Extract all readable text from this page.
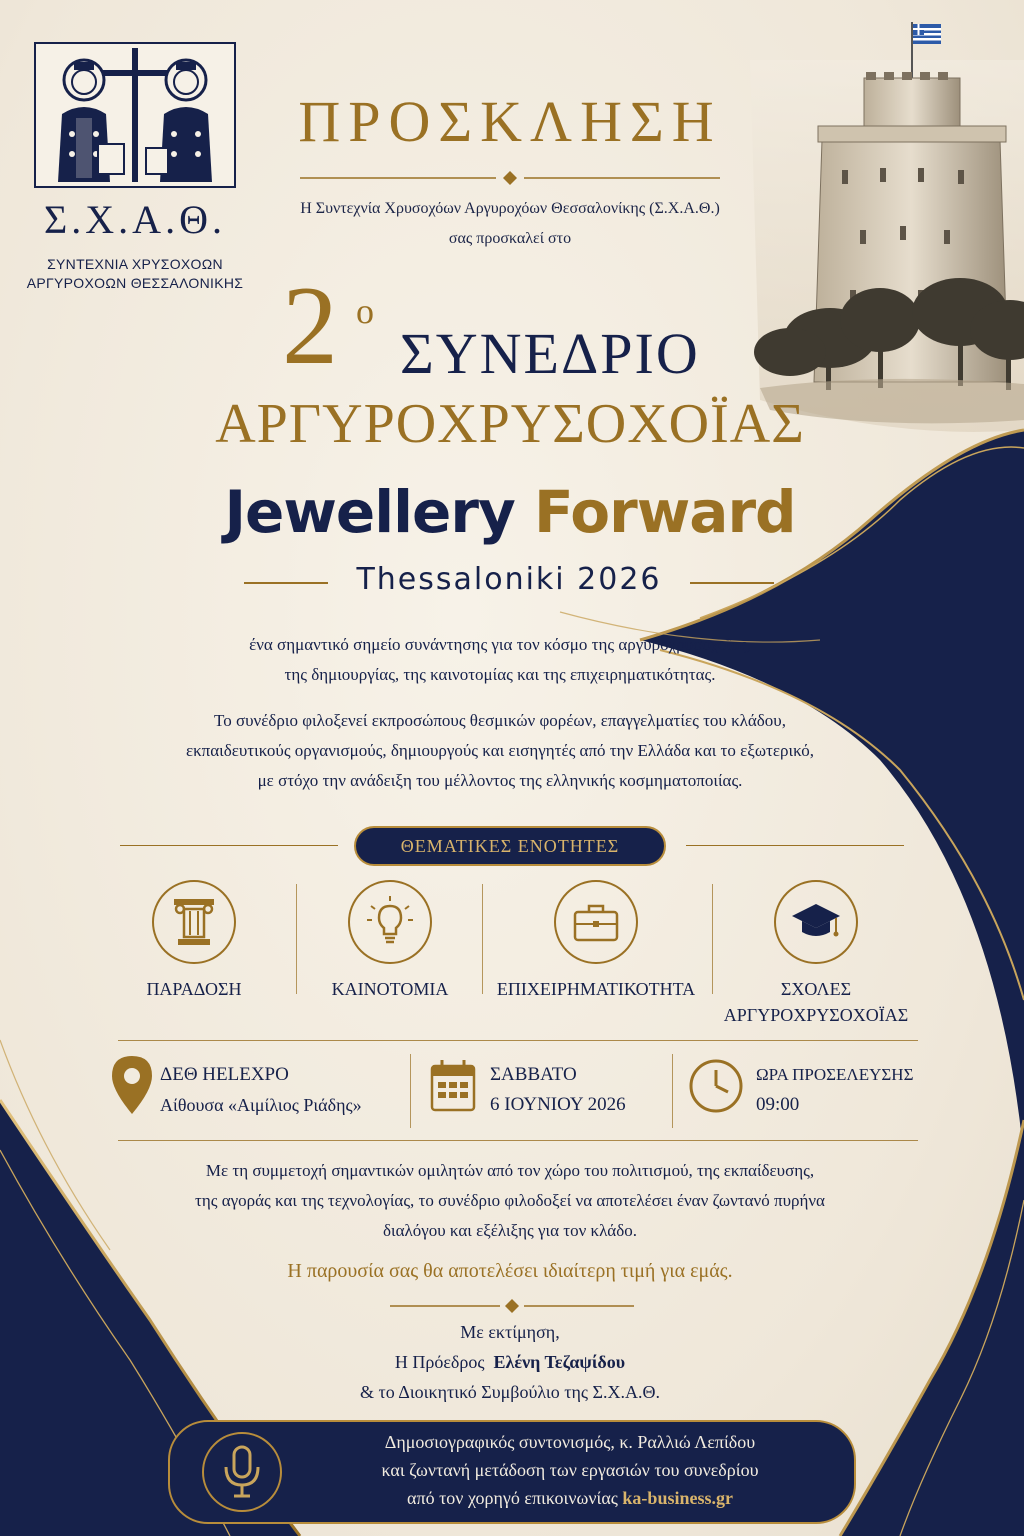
Σ.Χ.Α.Θ.
ΣΥΝΤΕΧΝΙΑ ΧΡΥΣΟΧΟΩΝ
ΑΡΓΥΡΟΧΟΩΝ ΘΕΣΣΑΛΟΝΙΚΗΣ
ΠΡΟΣΚΛΗΣΗ
Η Συντεχνία Χρυσοχόων Αργυροχόων Θεσσαλονίκης (Σ.Χ.Α.Θ.)
σας προσκαλεί στο
2 ο
ΣΥΝΕΔΡΙΟ
ΑΡΓΥΡΟΧΡΥΣΟΧΟΪΑΣ
Jewellery Forward
Thessaloniki 2026
ένα σημαντικό σημείο συνάντησης για τον κόσμο της αργυροχρυσοχοΐας,
της δημιουργίας, της καινοτομίας και της επιχειρηματικότητας.
Το συνέδριο φιλοξενεί εκπροσώπους θεσμικών φορέων, επαγγελματίες του κλάδου,
εκπαιδευτικούς οργανισμούς, δημιουργούς και εισηγητές από την Ελλάδα και το εξωτερικό,
με στόχο την ανάδειξη του μέλλοντος της ελληνικής κοσμηματοποιίας.
ΘΕΜΑΤΙΚΕΣ ΕΝΟΤΗΤΕΣ
ΠΑΡΑΔΟΣΗ	ΚΑΙΝΟΤΟΜΙΑ	ΕΠΙΧΕΙΡΗΜΑΤΙΚΟΤΗΤΑ	ΣΧΟΛΕΣ
ΑΡΓΥΡΟΧΡΥΣΟΧΟΪΑΣ
ΔΕΘ HELEXPO
Αίθουσα «Αιμίλιος Ριάδης»
ΣΑΒΒΑΤΟ
6 ΙΟΥΝΙΟΥ 2026
ΩΡΑ ΠΡΟΣΕΛΕΥΣΗΣ
09:00
Με τη συμμετοχή σημαντικών ομιλητών από τον χώρο του πολιτισμού, της εκπαίδευσης,
της αγοράς και της τεχνολογίας, το συνέδριο φιλοδοξεί να αποτελέσει έναν ζωντανό πυρήνα
διαλόγου και εξέλιξης για τον κλάδο.
Η παρουσία σας θα αποτελέσει ιδιαίτερη τιμή για εμάς.
Με εκτίμηση,
Η Πρόεδρος Ελένη Τεζαψίδου
& το Διοικητικό Συμβούλιο της Σ.Χ.Α.Θ.
Δημοσιογραφικός συντονισμός, κ. Ραλλιώ Λεπίδου
και ζωντανή μετάδοση των εργασιών του συνεδρίου
από τον χορηγό επικοινωνίας ka-business.gr
